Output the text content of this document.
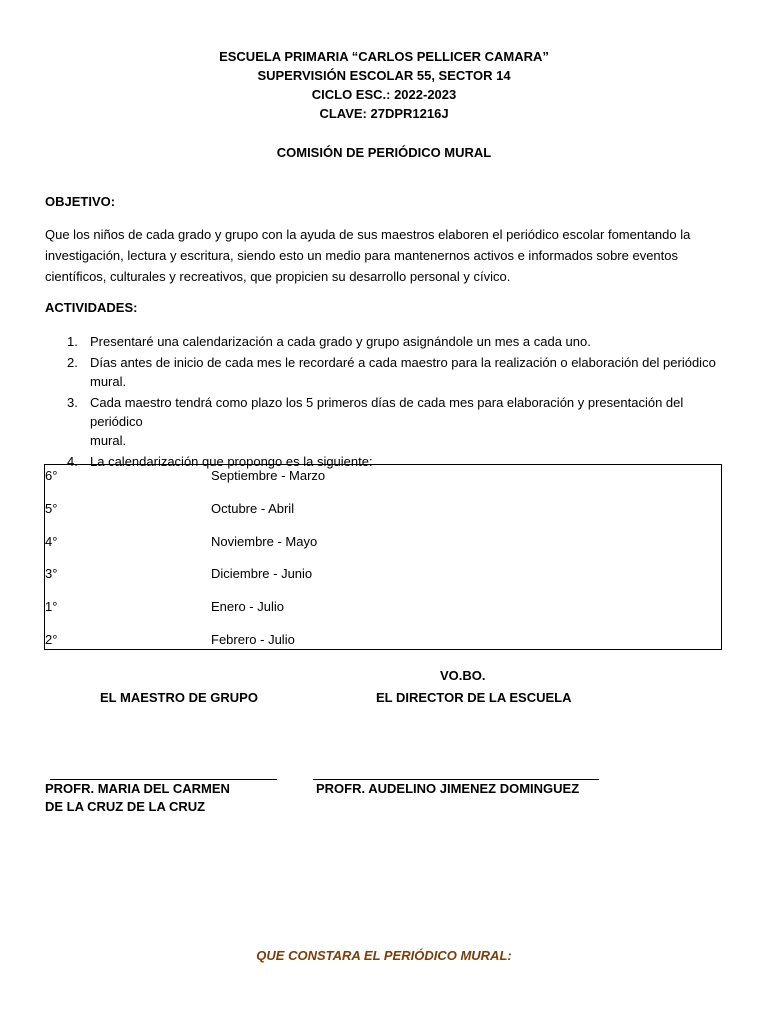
ESCUELA PRIMARIA “CARLOS PELLICER CAMARA”
SUPERVISIÓN ESCOLAR 55, SECTOR 14
CICLO ESC.: 2022-2023
CLAVE: 27DPR1216J
COMISIÓN DE PERIÓDICO MURAL
OBJETIVO:

Que los niños de cada grado y grupo con la ayuda de sus maestros elaboren el periódico escolar fomentando la

investigación, lectura y escritura, siendo esto un medio para mantenernos activos e informados sobre eventos

científicos, culturales y recreativos, que propicien su desarrollo personal y cívico.

ACTIVIDADES:
1. Presentaré una calendarización a cada grado y grupo asignándole un mes a cada uno.
2. Días antes de inicio de cada mes le recordaré a cada maestro para la realización o elaboración del periódico
mural.
3. Cada maestro tendrá como plazo los 5 primeros días de cada mes para elaboración y presentación del periódico
mural.
4. La calendarización que propongo es la siguiente:
6°	Septiembre - Marzo
5°	Octubre - Abril
4°	Noviembre - Mayo
3°	Diciembre - Junio
1°	Enero - Julio
2°	Febrero - Julio
VO.BO.
EL MAESTRO DE GRUPO	EL DIRECTOR DE LA ESCUELA
PROFR. MARIA DEL CARMEN
DE LA CRUZ DE LA CRUZ
PROFR. AUDELINO JIMENEZ DOMINGUEZ
QUE CONSTARA EL PERIÓDICO MURAL:
